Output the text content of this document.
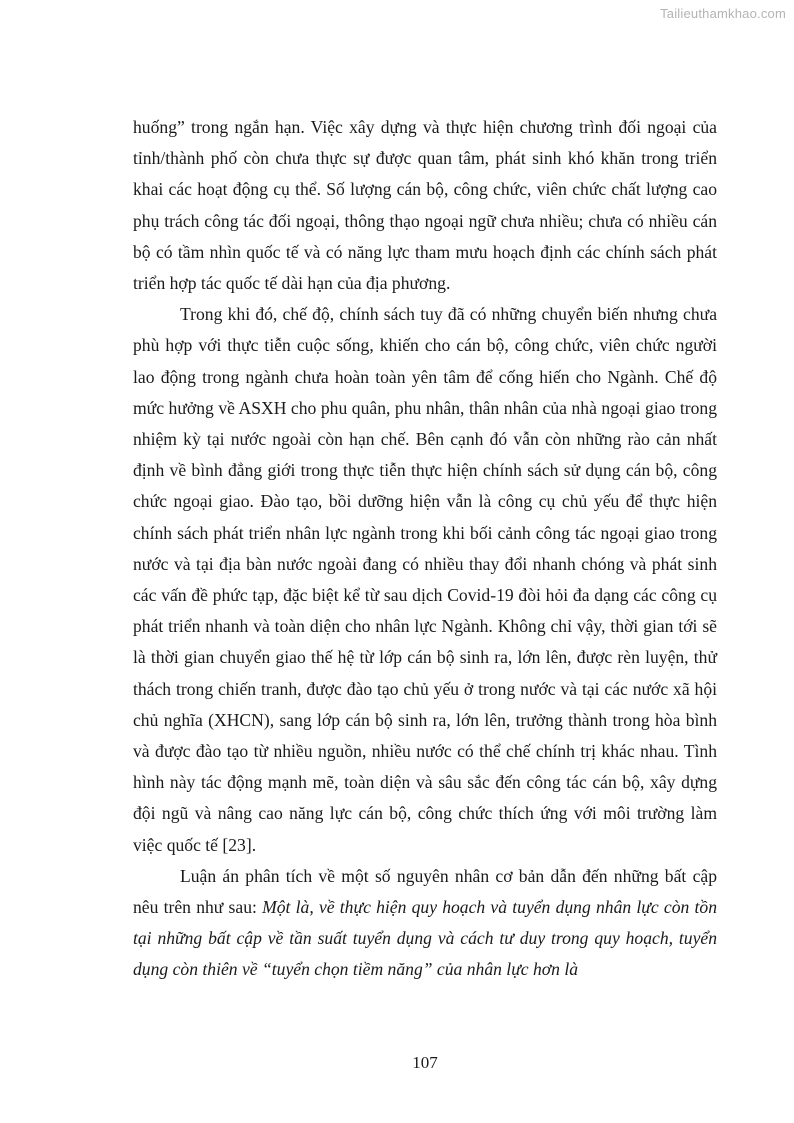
Tailieuthamkhao.com

huống” trong ngắn hạn. Việc xây dựng và thực hiện chương trình đối ngoại của tỉnh/thành phố còn chưa thực sự được quan tâm, phát sinh khó khăn trong triển khai các hoạt động cụ thể. Số lượng cán bộ, công chức, viên chức chất lượng cao phụ trách công tác đối ngoại, thông thạo ngoại ngữ chưa nhiều; chưa có nhiều cán bộ có tầm nhìn quốc tế và có năng lực tham mưu hoạch định các chính sách phát triển hợp tác quốc tế dài hạn của địa phương.

Trong khi đó, chế độ, chính sách tuy đã có những chuyển biến nhưng chưa phù hợp với thực tiễn cuộc sống, khiến cho cán bộ, công chức, viên chức người lao động trong ngành chưa hoàn toàn yên tâm để cống hiến cho Ngành. Chế độ mức hưởng về ASXH cho phu quân, phu nhân, thân nhân của nhà ngoại giao trong nhiệm kỳ tại nước ngoài còn hạn chế. Bên cạnh đó vẫn còn những rào cản nhất định về bình đẳng giới trong thực tiễn thực hiện chính sách sử dụng cán bộ, công chức ngoại giao. Đào tạo, bồi dưỡng hiện vẫn là công cụ chủ yếu để thực hiện chính sách phát triển nhân lực ngành trong khi bối cảnh công tác ngoại giao trong nước và tại địa bàn nước ngoài đang có nhiều thay đổi nhanh chóng và phát sinh các vấn đề phức tạp, đặc biệt kể từ sau dịch Covid-19 đòi hỏi đa dạng các công cụ phát triển nhanh và toàn diện cho nhân lực Ngành. Không chỉ vậy, thời gian tới sẽ là thời gian chuyển giao thế hệ từ lớp cán bộ sinh ra, lớn lên, được rèn luyện, thử thách trong chiến tranh, được đào tạo chủ yếu ở trong nước và tại các nước xã hội chủ nghĩa (XHCN), sang lớp cán bộ sinh ra, lớn lên, trưởng thành trong hòa bình và được đào tạo từ nhiều nguồn, nhiều nước có thể chế chính trị khác nhau. Tình hình này tác động mạnh mẽ, toàn diện và sâu sắc đến công tác cán bộ, xây dựng đội ngũ và nâng cao năng lực cán bộ, công chức thích ứng với môi trường làm việc quốc tế [23].

Luận án phân tích về một số nguyên nhân cơ bản dẫn đến những bất cập nêu trên như sau: Một là, về thực hiện quy hoạch và tuyển dụng nhân lực còn tồn tại những bất cập về tần suất tuyển dụng và cách tư duy trong quy hoạch, tuyển dụng còn thiên về “tuyển chọn tiềm năng” của nhân lực hơn là

107
